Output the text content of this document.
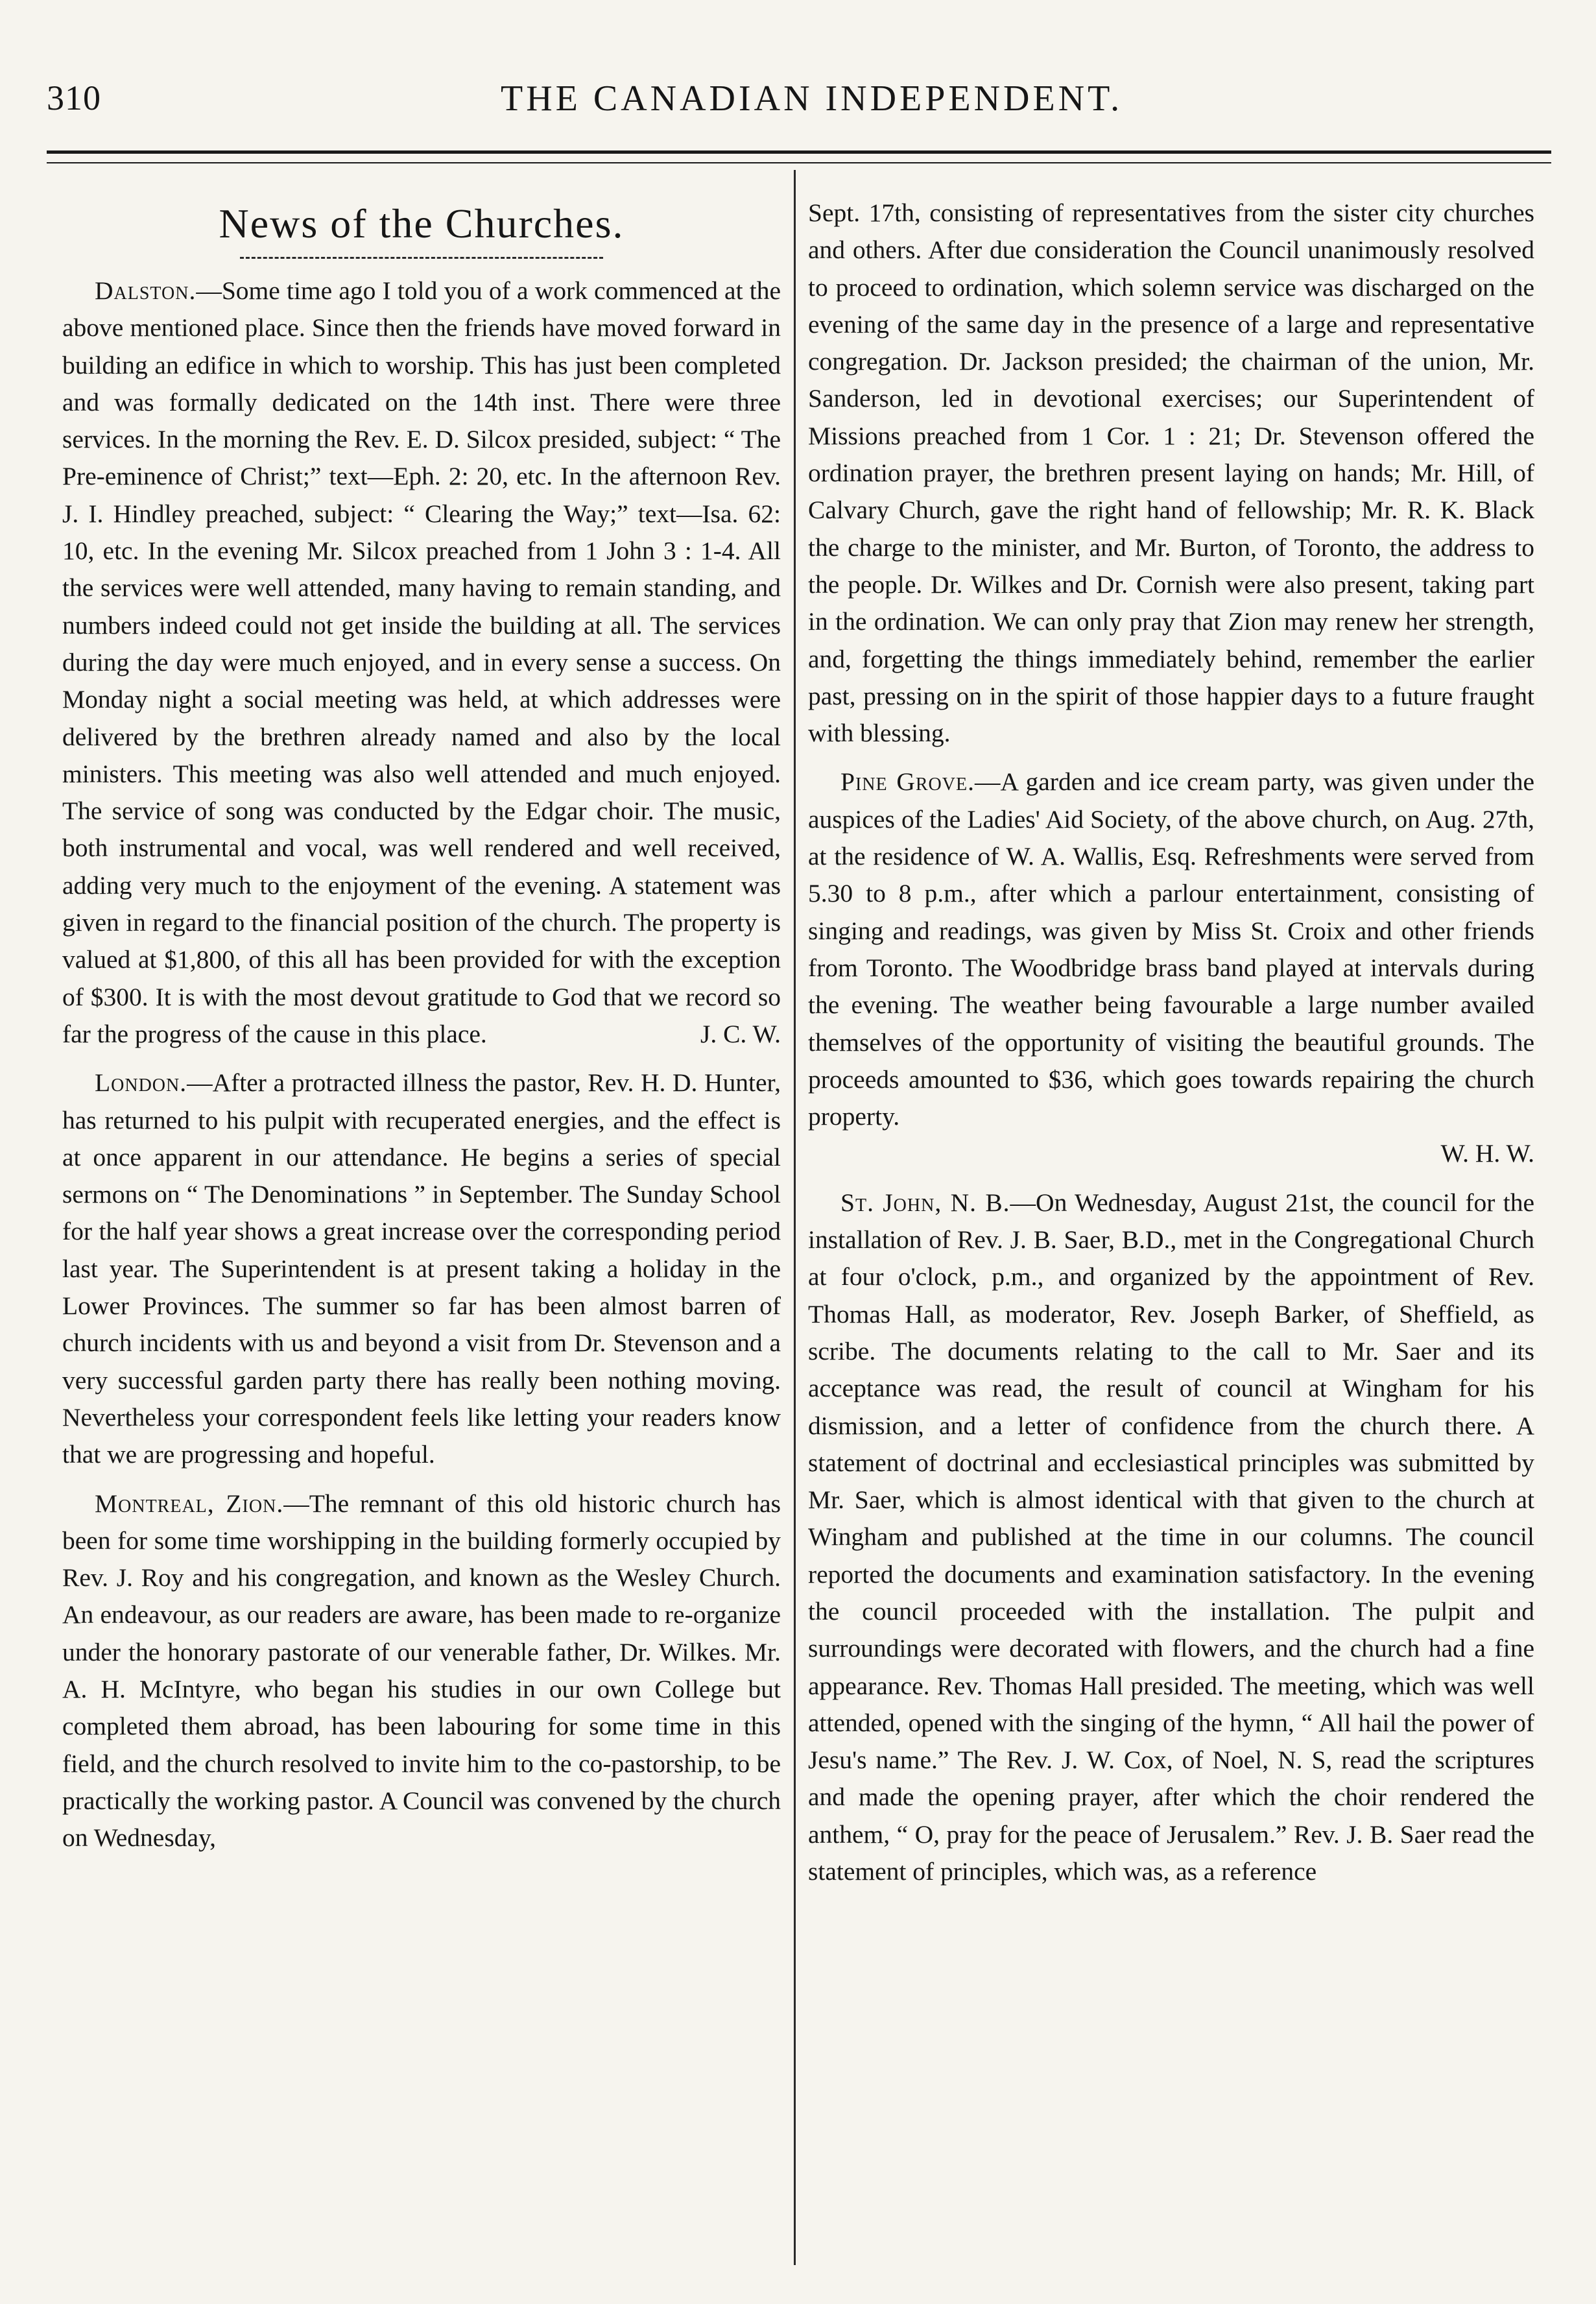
310	THE CANADIAN INDEPENDENT.
News of the Churches.

Dalston.—Some time ago I told you of a work commenced at the above mentioned place. Since then the friends have moved forward in building an edifice in which to worship. This has just been completed and was formally dedicated on the 14th inst. There were three services. In the morning the Rev. E. D. Silcox presided, subject: “ The Pre-eminence of Christ;” text—Eph. 2: 20, etc. In the afternoon Rev. J. I. Hindley preached, subject: “ Clearing the Way;” text—Isa. 62: 10, etc. In the evening Mr. Silcox preached from 1 John 3 : 1-4. All the services were well attended, many having to remain standing, and numbers indeed could not get inside the building at all. The services during the day were much enjoyed, and in every sense a success. On Monday night a social meeting was held, at which addresses were delivered by the brethren already named and also by the local ministers. This meeting was also well attended and much enjoyed. The service of song was conducted by the Edgar choir. The music, both instrumental and vocal, was well rendered and well received, adding very much to the enjoyment of the evening. A statement was given in regard to the financial position of the church. The property is valued at $1,800, of this all has been provided for with the exception of $300. It is with the most devout gratitude to God that we record so far the progress of the cause in this place.	J. C. W.

London.—After a protracted illness the pastor, Rev. H. D. Hunter, has returned to his pulpit with recuperated energies, and the effect is at once apparent in our attendance. He begins a series of special sermons on “ The Denominations ” in September. The Sunday School for the half year shows a great increase over the corresponding period last year. The Superintendent is at present taking a holiday in the Lower Provinces. The summer so far has been almost barren of church incidents with us and beyond a visit from Dr. Stevenson and a very successful garden party there has really been nothing moving. Nevertheless your correspondent feels like letting your readers know that we are progressing and hopeful.

Montreal, Zion.—The remnant of this old historic church has been for some time worshipping in the building formerly occupied by Rev. J. Roy and his congregation, and known as the Wesley Church. An endeavour, as our readers are aware, has been made to re-organize under the honorary pastorate of our venerable father, Dr. Wilkes. Mr. A. H. McIntyre, who began his studies in our own College but completed them abroad, has been labouring for some time in this field, and the church resolved to invite him to the co-pastorship, to be practically the working pastor. A Council was convened by the church on Wednesday,

Sept. 17th, consisting of representatives from the sister city churches and others. After due consideration the Council unanimously resolved to proceed to ordination, which solemn service was discharged on the evening of the same day in the presence of a large and representative congregation. Dr. Jackson presided; the chairman of the union, Mr. Sanderson, led in devotional exercises; our Superintendent of Missions preached from 1 Cor. 1 : 21; Dr. Stevenson offered the ordination prayer, the brethren present laying on hands; Mr. Hill, of Calvary Church, gave the right hand of fellowship; Mr. R. K. Black the charge to the minister, and Mr. Burton, of Toronto, the address to the people. Dr. Wilkes and Dr. Cornish were also present, taking part in the ordination. We can only pray that Zion may renew her strength, and, forgetting the things immediately behind, remember the earlier past, pressing on in the spirit of those happier days to a future fraught with blessing.

Pine Grove.—A garden and ice cream party, was given under the auspices of the Ladies' Aid Society, of the above church, on Aug. 27th, at the residence of W. A. Wallis, Esq. Refreshments were served from 5.30 to 8 p.m., after which a parlour entertainment, consisting of singing and readings, was given by Miss St. Croix and other friends from Toronto. The Woodbridge brass band played at intervals during the evening. The weather being favourable a large number availed themselves of the opportunity of visiting the beautiful grounds. The proceeds amounted to $36, which goes towards repairing the church property.

W. H. W.

St. John, N. B.—On Wednesday, August 21st, the council for the installation of Rev. J. B. Saer, B.D., met in the Congregational Church at four o'clock, p.m., and organized by the appointment of Rev. Thomas Hall, as moderator, Rev. Joseph Barker, of Sheffield, as scribe. The documents relating to the call to Mr. Saer and its acceptance was read, the result of council at Wingham for his dismission, and a letter of confidence from the church there. A statement of doctrinal and ecclesiastical principles was submitted by Mr. Saer, which is almost identical with that given to the church at Wingham and published at the time in our columns. The council reported the documents and examination satisfactory. In the evening the council proceeded with the installation. The pulpit and surroundings were decorated with flowers, and the church had a fine appearance. Rev. Thomas Hall presided. The meeting, which was well attended, opened with the singing of the hymn, “ All hail the power of Jesu's name.” The Rev. J. W. Cox, of Noel, N. S, read the scriptures and made the opening prayer, after which the choir rendered the anthem, “ O, pray for the peace of Jerusalem.” Rev. J. B. Saer read the statement of principles, which was, as a reference
